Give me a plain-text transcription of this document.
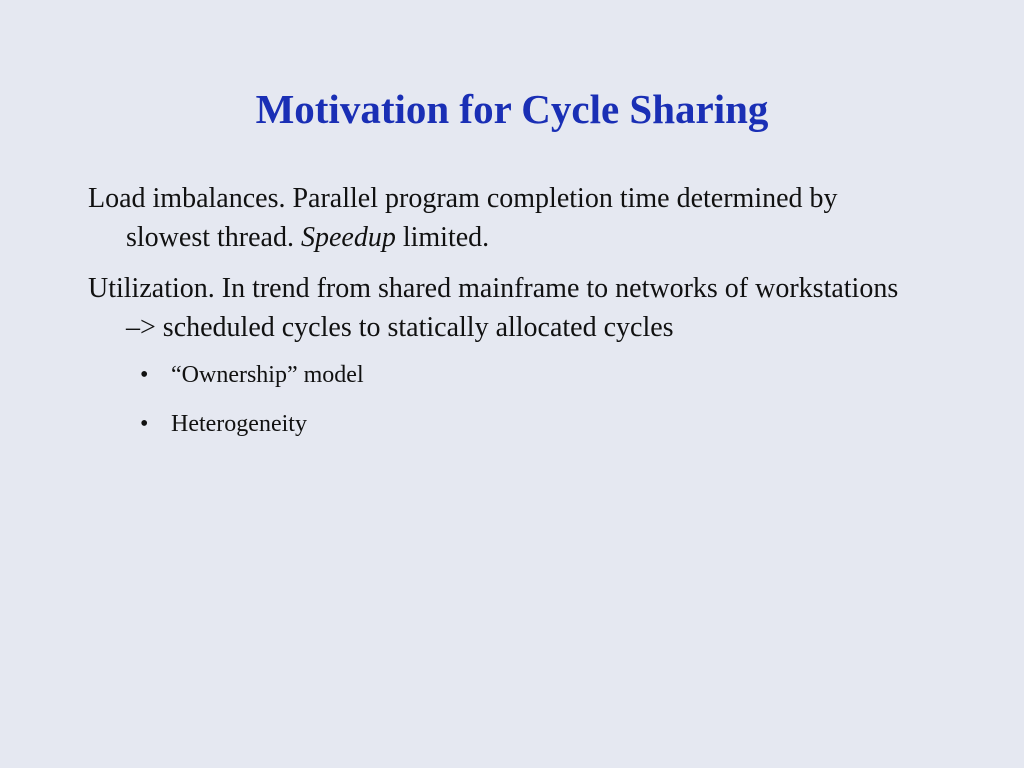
Motivation for Cycle Sharing

Load imbalances. Parallel program completion time determined by slowest thread. Speedup limited.

Utilization. In trend from shared mainframe to networks of workstations –> scheduled cycles to statically allocated cycles

• “Ownership” model
• Heterogeneity
